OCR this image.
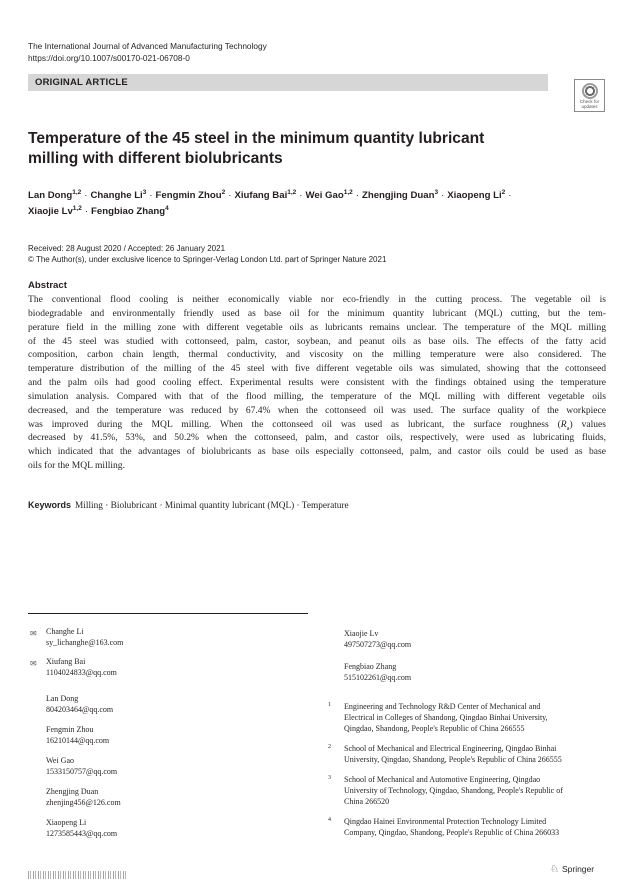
The International Journal of Advanced Manufacturing Technology
https://doi.org/10.1007/s00170-021-06708-0
ORIGINAL ARTICLE
Check for updates
Temperature of the 45 steel in the minimum quantity lubricant
milling with different biolubricants
Lan Dong$^{1,2}$ · Changhe $Li^3$ · Fengmin Zhou$^2$ · Xiufang Bai$^{1,2}$ · Wei Gao$^{1,2}$ · Zhengjing Duan$^3$ · Xiaopeng $Li^2$ ·
Xiaojie Lv$^{1,2}$ · Fengbiao Zhang$^4$
Received: 28 August 2020 / Accepted: 26 January 2021
© The Author(s), under exclusive licence to Springer-Verlag London Ltd. part of Springer Nature 2021
Abstract
The conventional flood cooling is neither economically viable nor eco-friendly in the cutting process. The vegetable oil is
biodegradable and environmentally friendly used as base oil for the minimum quantity lubricant (MQL) cutting, but the tem-
perature field in the milling zone with different vegetable oils as lubricants remains unclear. The temperature of the MQL milling
of the 45 steel was studied with cottonseed, palm, castor, soybean, and peanut oils as base oils. The effects of the fatty acid
composition, carbon chain length, thermal conductivity, and viscosity on the milling temperature were also considered. The
temperature distribution of the milling of the 45 steel with five different vegetable oils was simulated, showing that the cottonseed
and the palm oils had good cooling effect. Experimental results were consistent with the findings obtained using the temperature
simulation analysis. Compared with that of the flood milling, the temperature of the MQL milling with different vegetable oils
decreased, and the temperature was reduced by 67.4% when the cottonseed oil was used. The surface quality of the workpiece
was improved during the MQL milling. When the cottonseed oil was used as lubricant, the surface roughness $(R_a)$ values
decreased by 41.5%, 53%, and 50.2% when the cottonseed, palm, and castor oils, respectively, were used as lubricating fluids,
which indicated that the advantages of biolubricants as base oils especially cottonseed, palm, and castor oils could be used as base
oils for the MQL milling.
Keywords Milling · Biolubricant · Minimal quantity lubricant (MQL) · Temperature
✉ Changhe Li
sy_lichanghe@163.com
✉ Xiufang Bai
1104024833@qq.com
Lan Dong
804203464@qq.com
Fengmin Zhou
16210144@qq.com
Wei Gao
1533150757@qq.com
Zhengjing Duan
zhenjing456@126.com
Xiaopeng Li
1273585443@qq.com
Xiaojie Lv
497507273@qq.com
Fengbiao Zhang
515102261@qq.com
1 Engineering and Technology R&D Center of Mechanical and
Electrical in Colleges of Shandong, Qingdao Binhai University,
Qingdao, Shandong, People's Republic of China 266555
2 School of Mechanical and Electrical Engineering, Qingdao Binhai
University, Qingdao, Shandong, People's Republic of China 266555
3 School of Mechanical and Automotive Engineering, Qingdao
University of Technology, Qingdao, Shandong, People's Republic of
China 266520
4 Qingdao Hainei Environmental Protection Technology Limited
Company, Qingdao, Shandong, People's Republic of China 266033
♘ Springer
